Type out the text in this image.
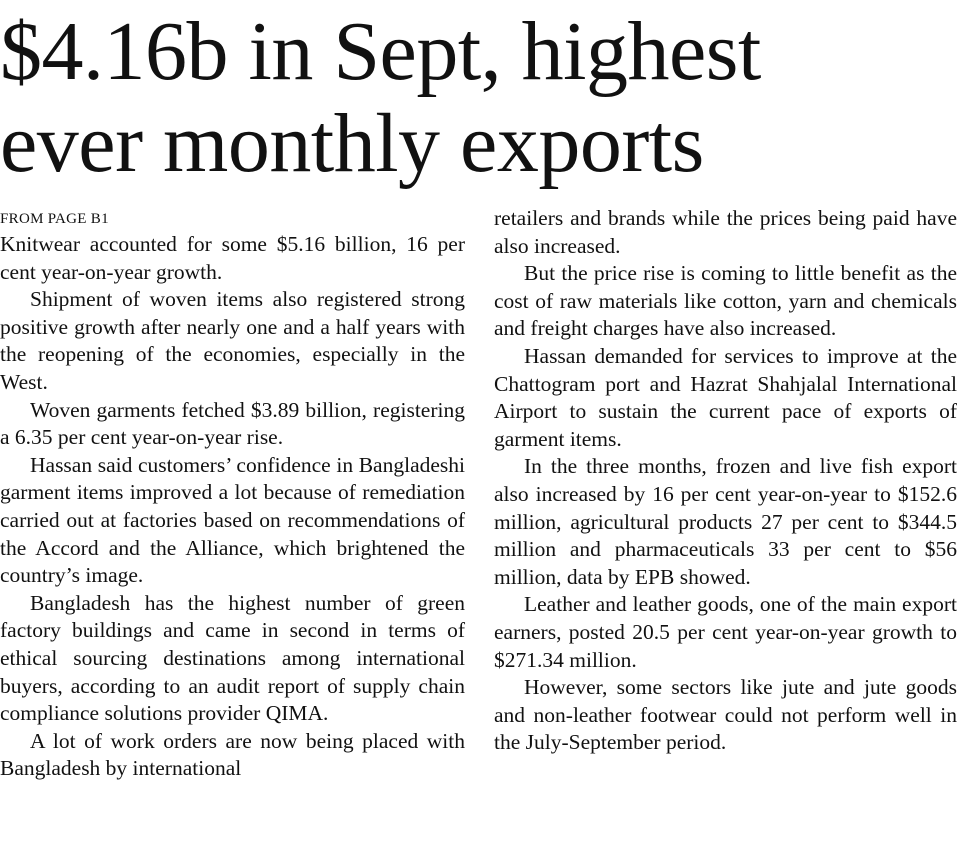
$4.16b in Sept, highest
ever monthly exports
FROM PAGE B1

Knitwear accounted for some $5.16 billion, 16 per cent year-on-year growth.

Shipment of woven items also registered strong positive growth after nearly one and a half years with the reopening of the economies, especially in the West.

Woven garments fetched $3.89 billion, registering a 6.35 per cent year-on-year rise.

Hassan said customers’ confidence in Bangladeshi garment items improved a lot because of remediation carried out at factories based on recommendations of the Accord and the Alliance, which brightened the country’s image.

Bangladesh has the highest number of green factory buildings and came in second in terms of ethical sourcing destinations among international buyers, according to an audit report of supply chain compliance solutions provider QIMA.

A lot of work orders are now being placed with Bangladesh by international

retailers and brands while the prices being paid have also increased.

But the price rise is coming to little benefit as the cost of raw materials like cotton, yarn and chemicals and freight charges have also increased.

Hassan demanded for services to improve at the Chattogram port and Hazrat Shahjalal International Airport to sustain the current pace of exports of garment items.

In the three months, frozen and live fish export also increased by 16 per cent year-on-year to $152.6 million, agricultural products 27 per cent to $344.5 million and pharmaceuticals 33 per cent to $56 million, data by EPB showed.

Leather and leather goods, one of the main export earners, posted 20.5 per cent year-on-year growth to $271.34 million.

However, some sectors like jute and jute goods and non-leather footwear could not perform well in the July-September period.
